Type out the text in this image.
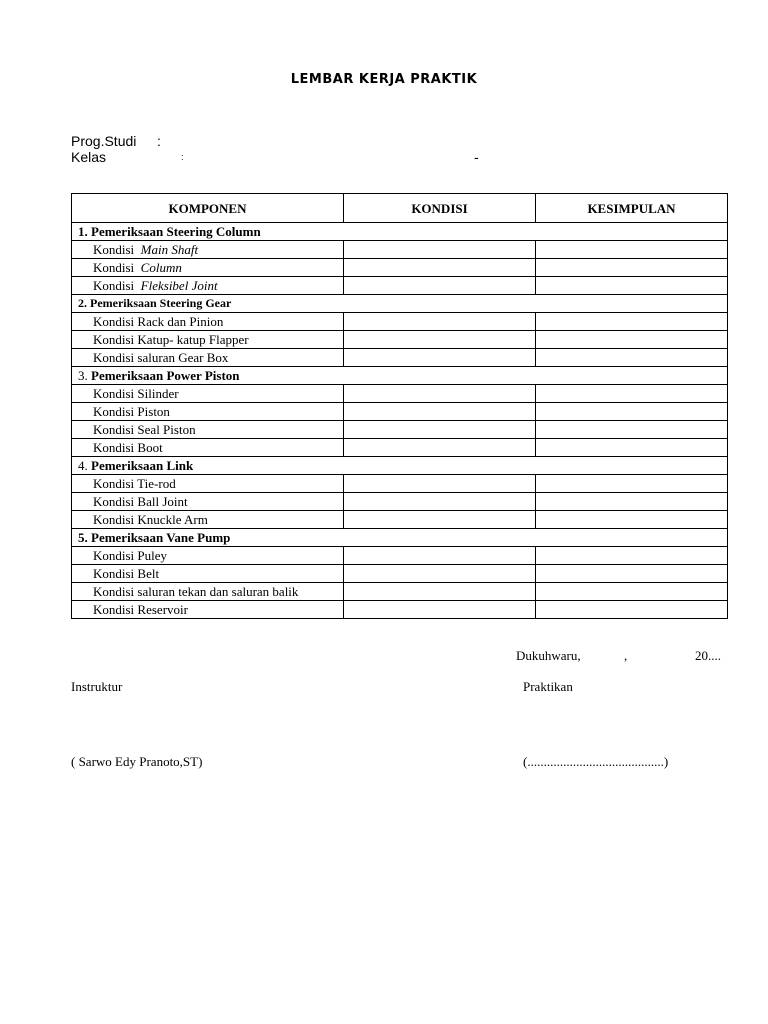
LEMBAR KERJA PRAKTIK
Prog.Studi :
Kelas	:	-
KOMPONEN	KONDISI	KESIMPULAN
1. Pemeriksaan Steering Column		
Kondisi Main Shaft		
Kondisi Column		
Kondisi Fleksibel Joint		
2. Pemeriksaan Steering Gear		
Kondisi Rack dan Pinion		
Kondisi Katup- katup Flapper		
Kondisi saluran Gear Box		
3. Pemeriksaan Power Piston		
Kondisi Silinder		
Kondisi Piston		
Kondisi Seal Piston		
Kondisi Boot		
4. Pemeriksaan Link		
Kondisi Tie-rod		
Kondisi Ball Joint		
Kondisi Knuckle Arm		
5. Pemeriksaan Vane Pump		
Kondisi Puley		
Kondisi Belt		
Kondisi saluran tekan dan saluran balik		
Kondisi Reservoir		
Dukuhwaru,	,	20....
Instruktur	Praktikan
( Sarwo Edy Pranoto,ST)	(..........................................)
